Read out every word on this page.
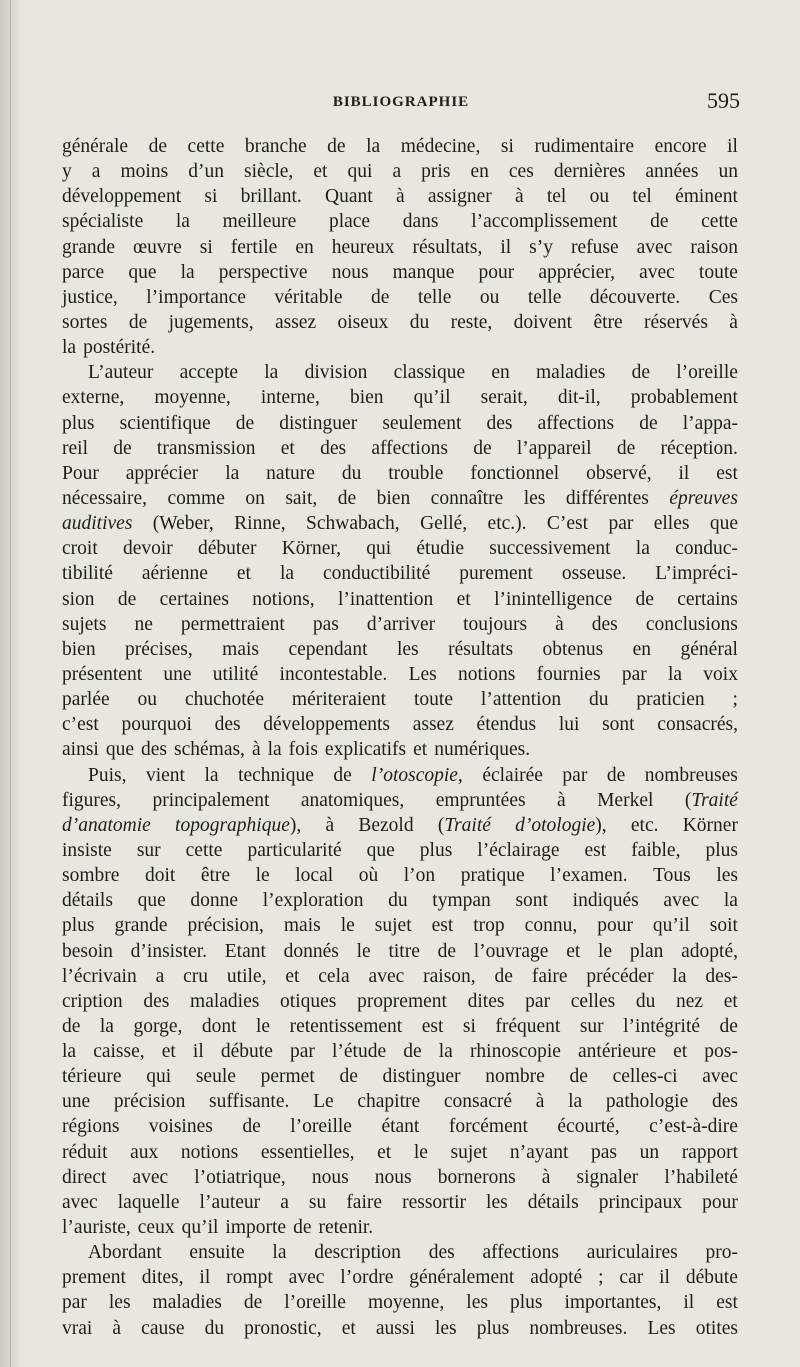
BIBLIOGRAPHIE	595
générale de cette branche de la médecine, si rudimentaire encore il
y a moins d’un siècle, et qui a pris en ces dernières années un
développement si brillant. Quant à assigner à tel ou tel éminent
spécialiste la meilleure place dans l’accomplissement de cette
grande œuvre si fertile en heureux résultats, il s’y refuse avec raison
parce que la perspective nous manque pour apprécier, avec toute
justice, l’importance véritable de telle ou telle découverte. Ces
sortes de jugements, assez oiseux du reste, doivent être réservés à
la postérité.
L’auteur accepte la division classique en maladies de l’oreille
externe, moyenne, interne, bien qu’il serait, dit-il, probablement
plus scientifique de distinguer seulement des affections de l’appa-
reil de transmission et des affections de l’appareil de réception.
Pour apprécier la nature du trouble fonctionnel observé, il est
nécessaire, comme on sait, de bien connaître les différentes épreuves
auditives (Weber, Rinne, Schwabach, Gellé, etc.). C’est par elles que
croit devoir débuter Körner, qui étudie successivement la conduc-
tibilité aérienne et la conductibilité purement osseuse. L’impréci-
sion de certaines notions, l’inattention et l’inintelligence de certains
sujets ne permettraient pas d’arriver toujours à des conclusions
bien précises, mais cependant les résultats obtenus en général
présentent une utilité incontestable. Les notions fournies par la voix
parlée ou chuchotée mériteraient toute l’attention du praticien ;
c’est pourquoi des développements assez étendus lui sont consacrés,
ainsi que des schémas, à la fois explicatifs et numériques.
Puis, vient la technique de l’otoscopie, éclairée par de nombreuses
figures, principalement anatomiques, empruntées à Merkel (Traité
d’anatomie topographique), à Bezold (Traité d’otologie), etc. Körner
insiste sur cette particularité que plus l’éclairage est faible, plus
sombre doit être le local où l’on pratique l’examen. Tous les
détails que donne l’exploration du tympan sont indiqués avec la
plus grande précision, mais le sujet est trop connu, pour qu’il soit
besoin d’insister. Etant donnés le titre de l’ouvrage et le plan adopté,
l’écrivain a cru utile, et cela avec raison, de faire précéder la des-
cription des maladies otiques proprement dites par celles du nez et
de la gorge, dont le retentissement est si fréquent sur l’intégrité de
la caisse, et il débute par l’étude de la rhinoscopie antérieure et pos-
térieure qui seule permet de distinguer nombre de celles-ci avec
une précision suffisante. Le chapitre consacré à la pathologie des
régions voisines de l’oreille étant forcément écourté, c’est-à-dire
réduit aux notions essentielles, et le sujet n’ayant pas un rapport
direct avec l’otiatrique, nous nous bornerons à signaler l’habileté
avec laquelle l’auteur a su faire ressortir les détails principaux pour
l’auriste, ceux qu’il importe de retenir.
Abordant ensuite la description des affections auriculaires pro-
prement dites, il rompt avec l’ordre généralement adopté ; car il débute
par les maladies de l’oreille moyenne, les plus importantes, il est
vrai à cause du pronostic, et aussi les plus nombreuses. Les otites
